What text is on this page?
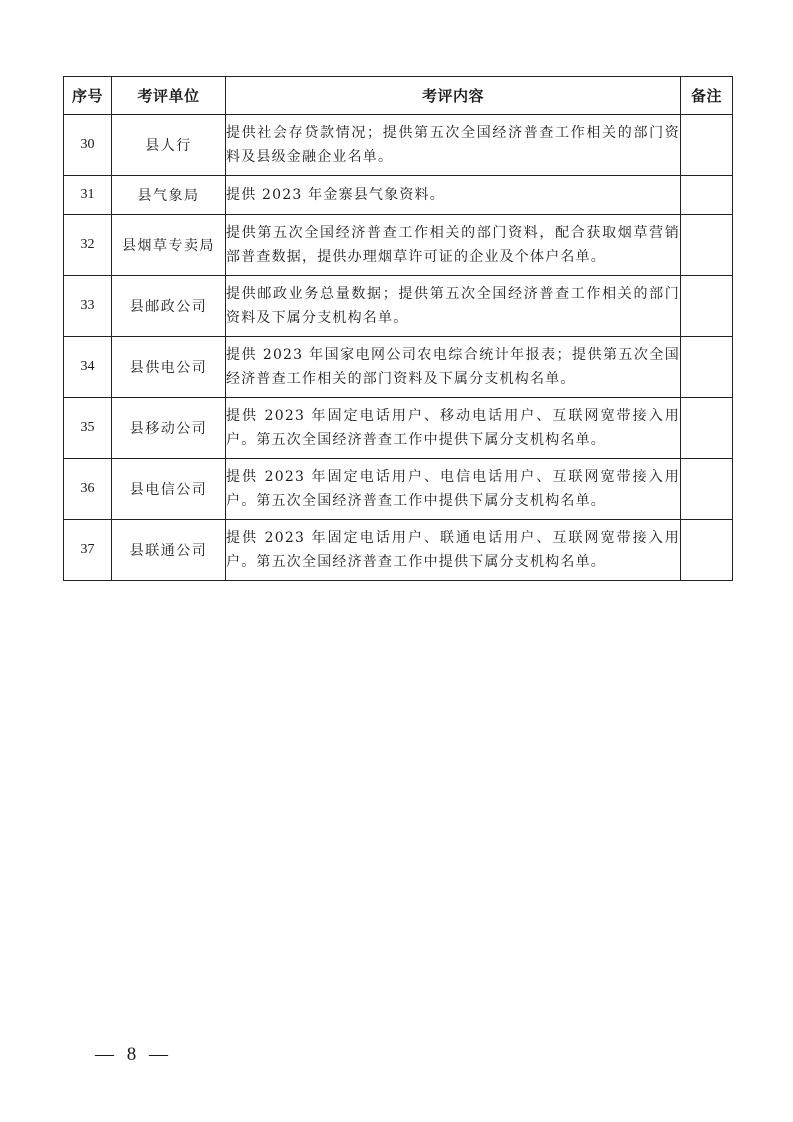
序号	考评单位	考评内容	备注
30	县人行	提供社会存贷款情况；提供第五次全国经济普查工作相关的部门资料及县级金融企业名单。	
31	县气象局	提供 2023 年金寨县气象资料。	
32	县烟草专卖局	提供第五次全国经济普查工作相关的部门资料，配合获取烟草营销部普查数据，提供办理烟草许可证的企业及个体户名单。	
33	县邮政公司	提供邮政业务总量数据；提供第五次全国经济普查工作相关的部门资料及下属分支机构名单。	
34	县供电公司	提供 2023 年国家电网公司农电综合统计年报表；提供第五次全国经济普查工作相关的部门资料及下属分支机构名单。	
35	县移动公司	提供 2023 年固定电话用户、移动电话用户、互联网宽带接入用户。第五次全国经济普查工作中提供下属分支机构名单。	
36	县电信公司	提供 2023 年固定电话用户、电信电话用户、互联网宽带接入用户。第五次全国经济普查工作中提供下属分支机构名单。	
37	县联通公司	提供 2023 年固定电话用户、联通电话用户、互联网宽带接入用户。第五次全国经济普查工作中提供下属分支机构名单。	
— 8 —
